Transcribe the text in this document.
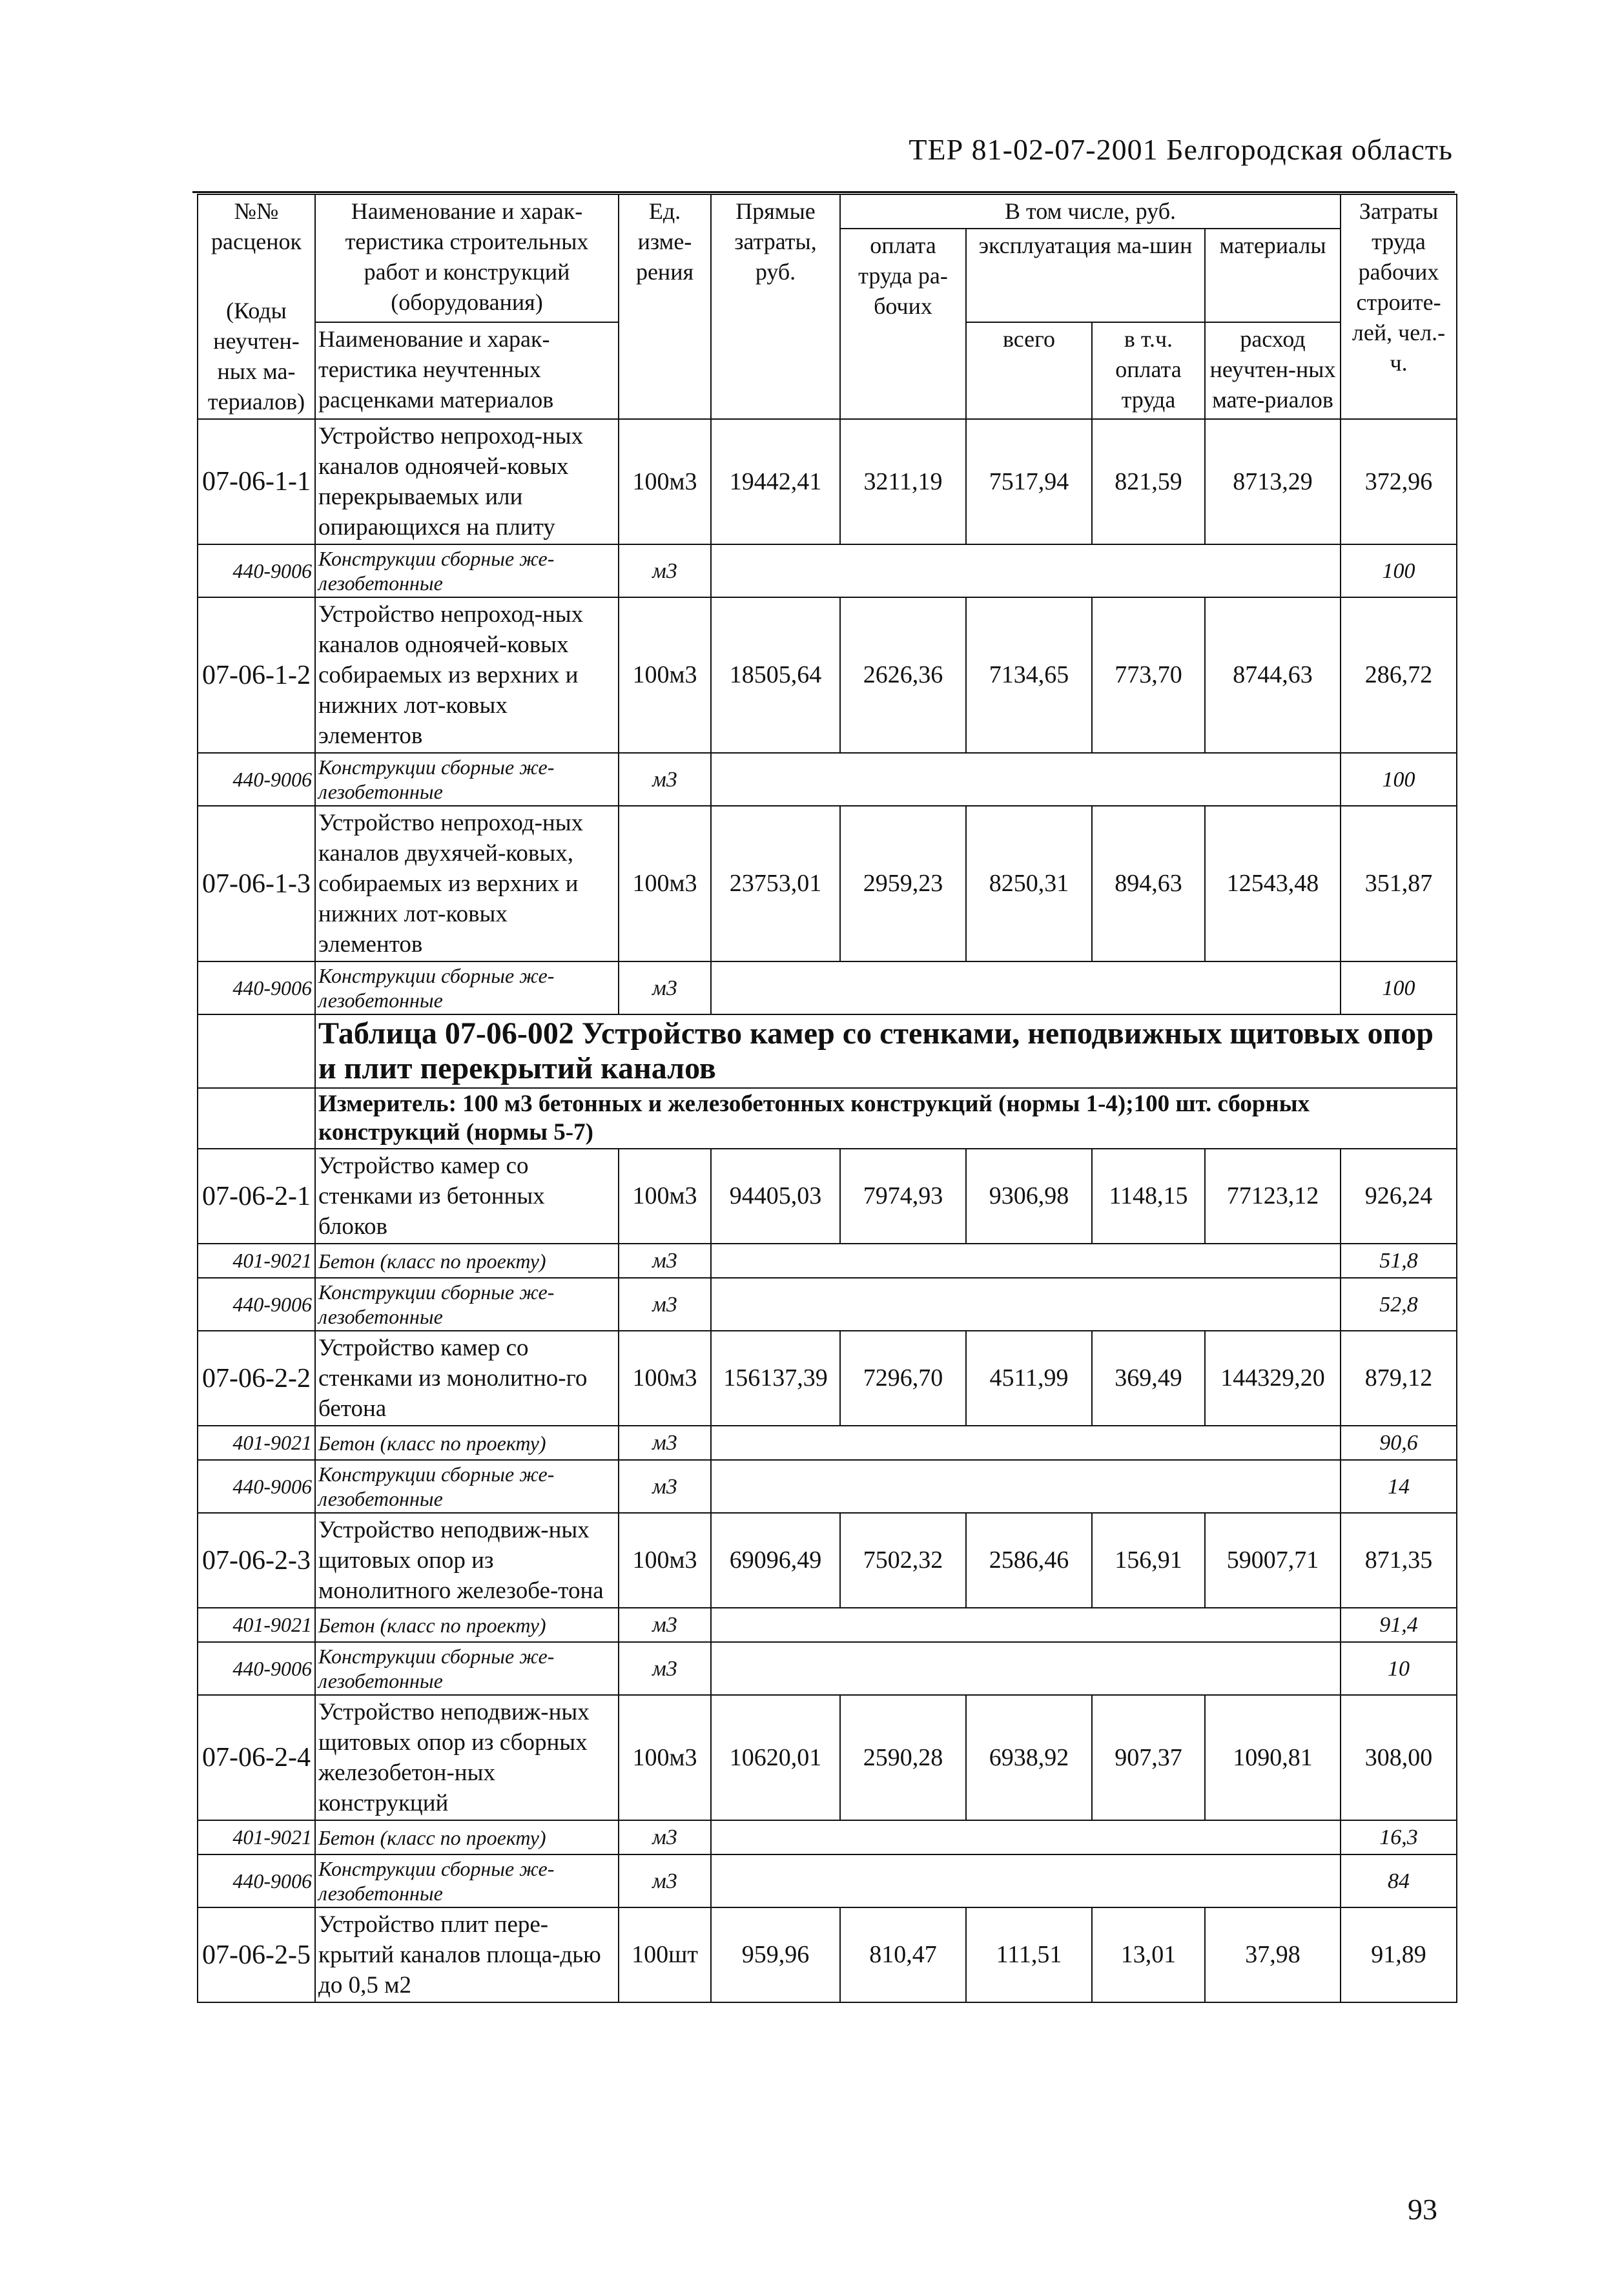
ТЕР 81-02-07-2001 Белгородская область
№№ расценок
(Коды неучтен-ных ма-териалов)	Наименование и харак-теристика строительных работ и конструкций (оборудования)	Ед. изме-рения	Прямые затраты, руб.	В том числе, руб.				Затраты труда рабочих строите-лей, чел.-ч.	
				оплата труда ра-бочих	эксплуатация ма-шин		материалы		
	Наименование и харак-теристика неучтенных расценками материалов				всего	в т.ч. оплата труда	расход неучтен-ных мате-риалов		

07-06-1-1	Устройство непроход-ных каналов одноячей-ковых перекрываемых или опирающихся на плиту	100м3	19442,41	3211,19	7517,94	821,59	8713,29	372,96	
440-9006	Конструкции сборные же-лезобетонные	м3						100	
07-06-1-2	Устройство непроход-ных каналов одноячей-ковых собираемых из верхних и нижних лот-ковых элементов	100м3	18505,64	2626,36	7134,65	773,70	8744,63	286,72	
440-9006	Конструкции сборные же-лезобетонные	м3						100	
07-06-1-3	Устройство непроход-ных каналов двухячей-ковых, собираемых из верхних и нижних лот-ковых элементов	100м3	23753,01	2959,23	8250,31	894,63	12543,48	351,87	
440-9006	Конструкции сборные же-лезобетонные	м3						100	
	Таблица 07-06-002 Устройство камер со стенками, неподвижных щитовых опор и плит перекрытий каналов								
	Измеритель: 100 м3 бетонных и железобетонных конструкций (нормы 1-4);100 шт. сборных конструкций (нормы 5-7)								
07-06-2-1	Устройство камер со стенками из бетонных блоков	100м3	94405,03	7974,93	9306,98	1148,15	77123,12	926,24	
401-9021	Бетон (класс по проекту)	м3						51,8	
440-9006	Конструкции сборные же-лезобетонные	м3						52,8	
07-06-2-2	Устройство камер со стенками из монолитно-го бетона	100м3	156137,39	7296,70	4511,99	369,49	144329,20	879,12	
401-9021	Бетон (класс по проекту)	м3						90,6	
440-9006	Конструкции сборные же-лезобетонные	м3						14	
07-06-2-3	Устройство неподвиж-ных щитовых опор из монолитного железобе-тона	100м3	69096,49	7502,32	2586,46	156,91	59007,71	871,35	
401-9021	Бетон (класс по проекту)	м3						91,4	
440-9006	Конструкции сборные же-лезобетонные	м3						10	
07-06-2-4	Устройство неподвиж-ных щитовых опор из сборных железобетон-ных конструкций	100м3	10620,01	2590,28	6938,92	907,37	1090,81	308,00	
401-9021	Бетон (класс по проекту)	м3						16,3	
440-9006	Конструкции сборные же-лезобетонные	м3						84	
07-06-2-5	Устройство плит пере-крытий каналов площа-дью до 0,5 м2	100шт	959,96	810,47	111,51	13,01	37,98	91,89	
93
